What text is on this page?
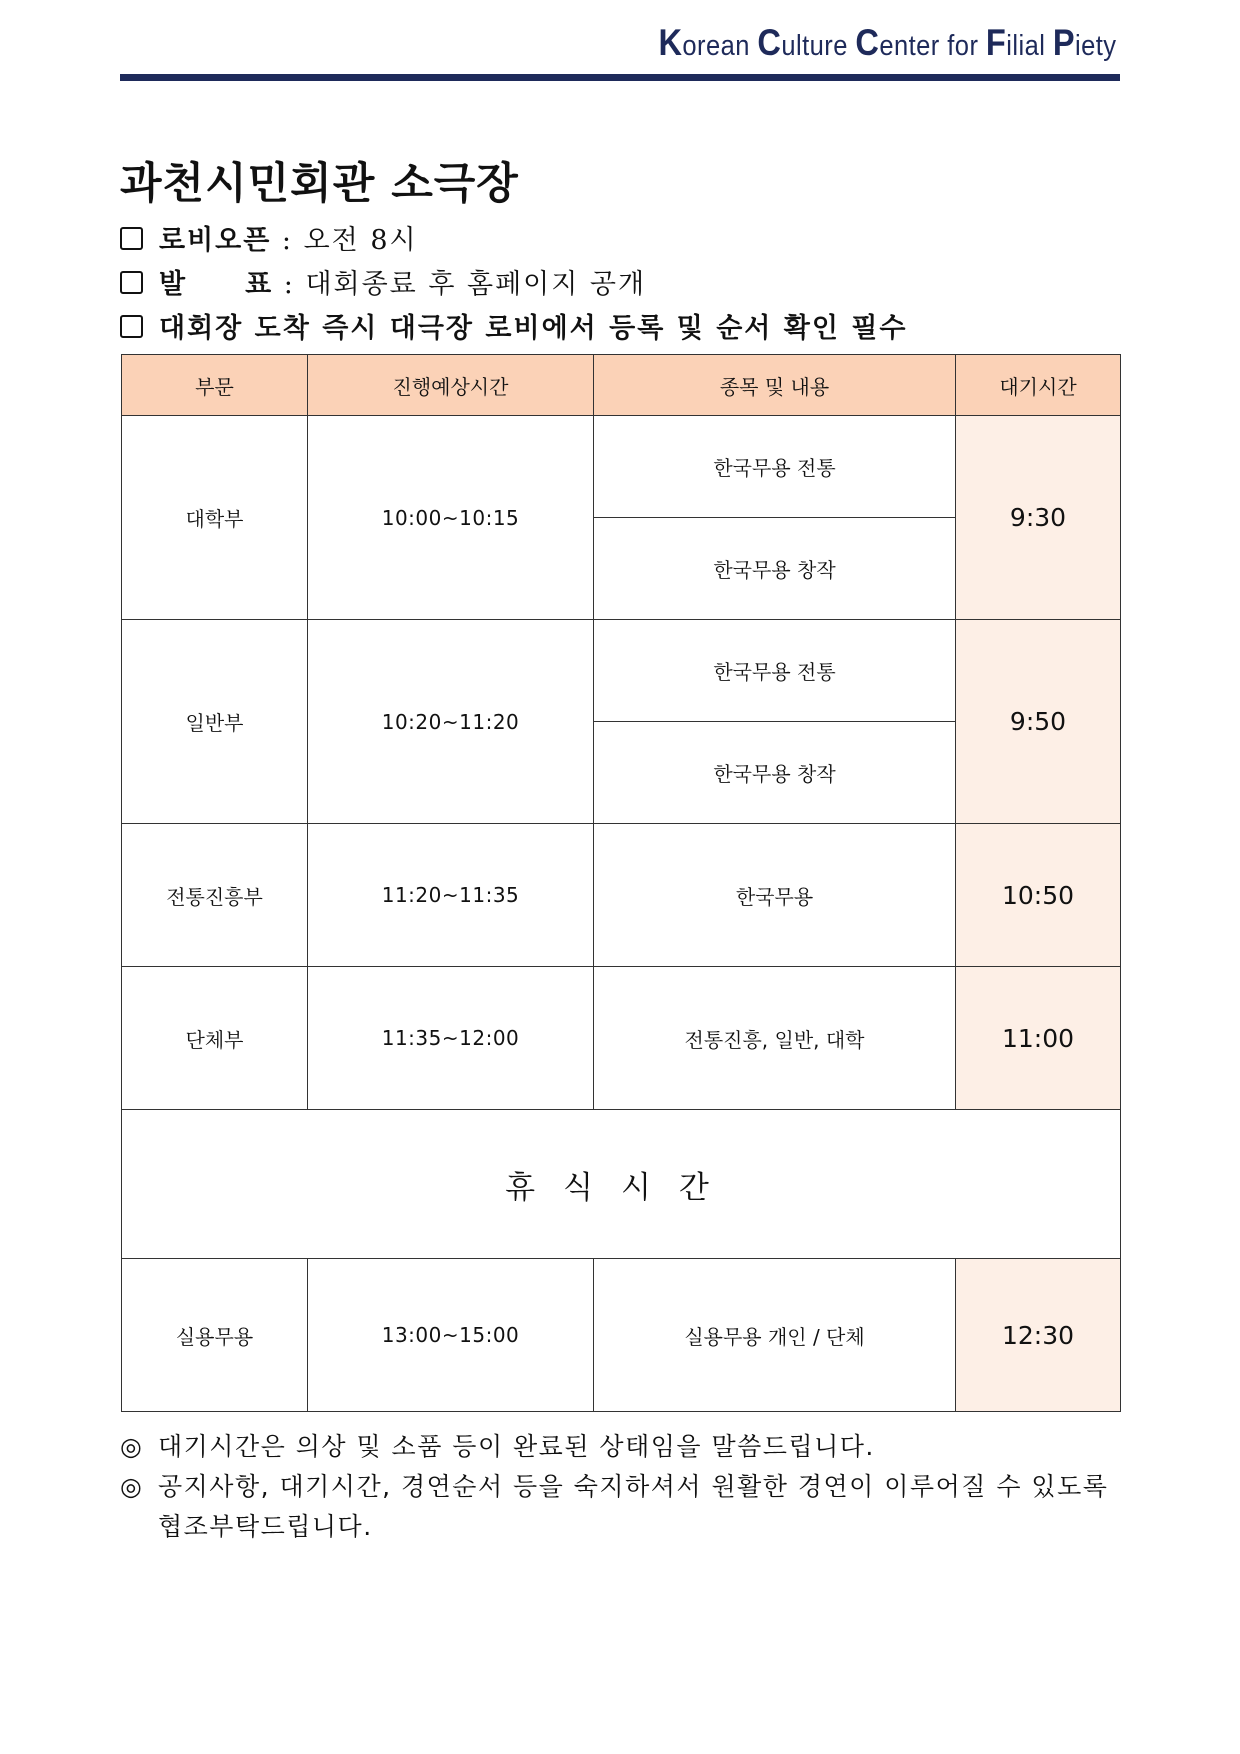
Korean Culture Center for Filial Piety
과천시민회관 소극장
로비오픈 : 오전 8시
발　　표 : 대회종료 후 홈페이지 공개
대회장 도착 즉시 대극장 로비에서 등록 및 순서 확인 필수
부문	진행예상시간	종목 및 내용	대기시간
대학부	10:00~10:15	한국무용 전통	9:30
		한국무용 창작	
일반부	10:20~11:20	한국무용 전통	9:50
		한국무용 창작	
전통진흥부	11:20~11:35	한국무용	10:50
단체부	11:35~12:00	전통진흥, 일반, 대학	11:00
휴식시간			
실용무용	13:00~15:00	실용무용 개인 / 단체	12:30
◎ 대기시간은 의상 및 소품 등이 완료된 상태임을 말씀드립니다.
◎ 공지사항, 대기시간, 경연순서 등을 숙지하셔서 원활한 경연이 이루어질 수 있도록
협조부탁드립니다.
